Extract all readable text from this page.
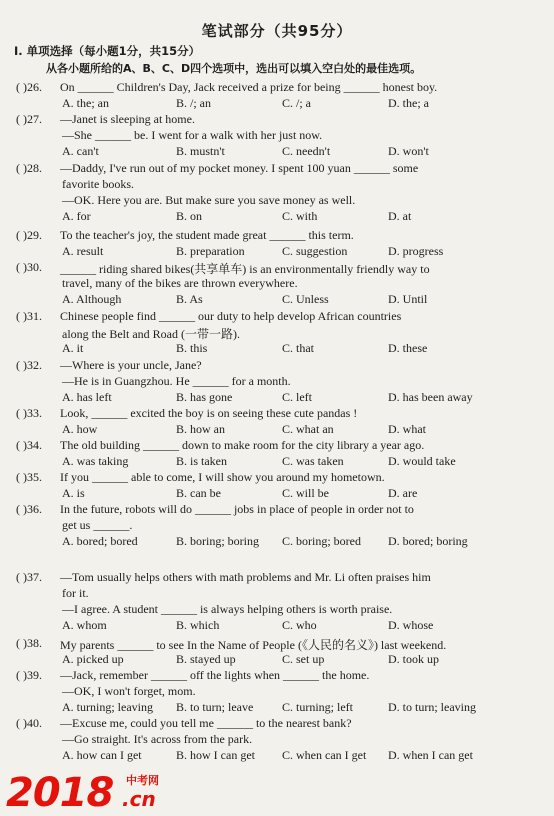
笔试部分（共95分）
Ⅰ. 单项选择（每小题1分，共15分）
从各小题所给的A、B、C、D四个选项中，选出可以填入空白处的最佳选项。
( )26. On ______ Children's Day, Jack received a prize for being ______ honest boy.
A. the; an	B. /; an	C. /; a	D. the; a
( )27. —Janet is sleeping at home.
—She ______ be. I went for a walk with her just now.
A. can't	B. mustn't	C. needn't	D. won't
( )28. —Daddy, I've run out of my pocket money. I spent 100 yuan ______ some
favorite books.
—OK. Here you are. But make sure you save money as well.
A. for	B. on	C. with	D. at
( )29. To the teacher's joy, the student made great ______ this term.
A. result	B. preparation	C. suggestion	D. progress
( )30. ______ riding shared bikes(共享单车) is an environmentally friendly way to
travel, many of the bikes are thrown everywhere.
A. Although	B. As	C. Unless	D. Until
( )31. Chinese people find ______ our duty to help develop African countries
along the Belt and Road (一带一路).
A. it	B. this	C. that	D. these
( )32. —Where is your uncle, Jane?
—He is in Guangzhou. He ______ for a month.
A. has left	B. has gone	C. left	D. has been away
( )33. Look, ______ excited the boy is on seeing these cute pandas !
A. how	B. how an	C. what an	D. what
( )34. The old building ______ down to make room for the city library a year ago.
A. was taking	B. is taken	C. was taken	D. would take
( )35. If you ______ able to come, I will show you around my hometown.
A. is	B. can be	C. will be	D. are
( )36. In the future, robots will do ______ jobs in place of people in order not to
get us ______.
A. bored; bored	B. boring; boring C. boring; bored D. bored; boring
( )37. —Tom usually helps others with math problems and Mr. Li often praises him
for it.
—I agree. A student ______ is always helping others is worth praise.
A. whom	B. which	C. who	D. whose
( )38. My parents ______ to see In the Name of People (《人民的名义》) last weekend.
A. picked up	B. stayed up	C. set up	D. took up
( )39. —Jack, remember ______ off the lights when ______ the home.
—OK, I won't forget, mom.
A. turning; leaving B. to turn; leave C. turning; left	D. to turn; leaving
( )40. —Excuse me, could you tell me ______ to the nearest bank?
—Go straight. It's across from the park.
A. how can I get	B. how I can get C. when can I get D. when I can get
2018 中考网
.cn
